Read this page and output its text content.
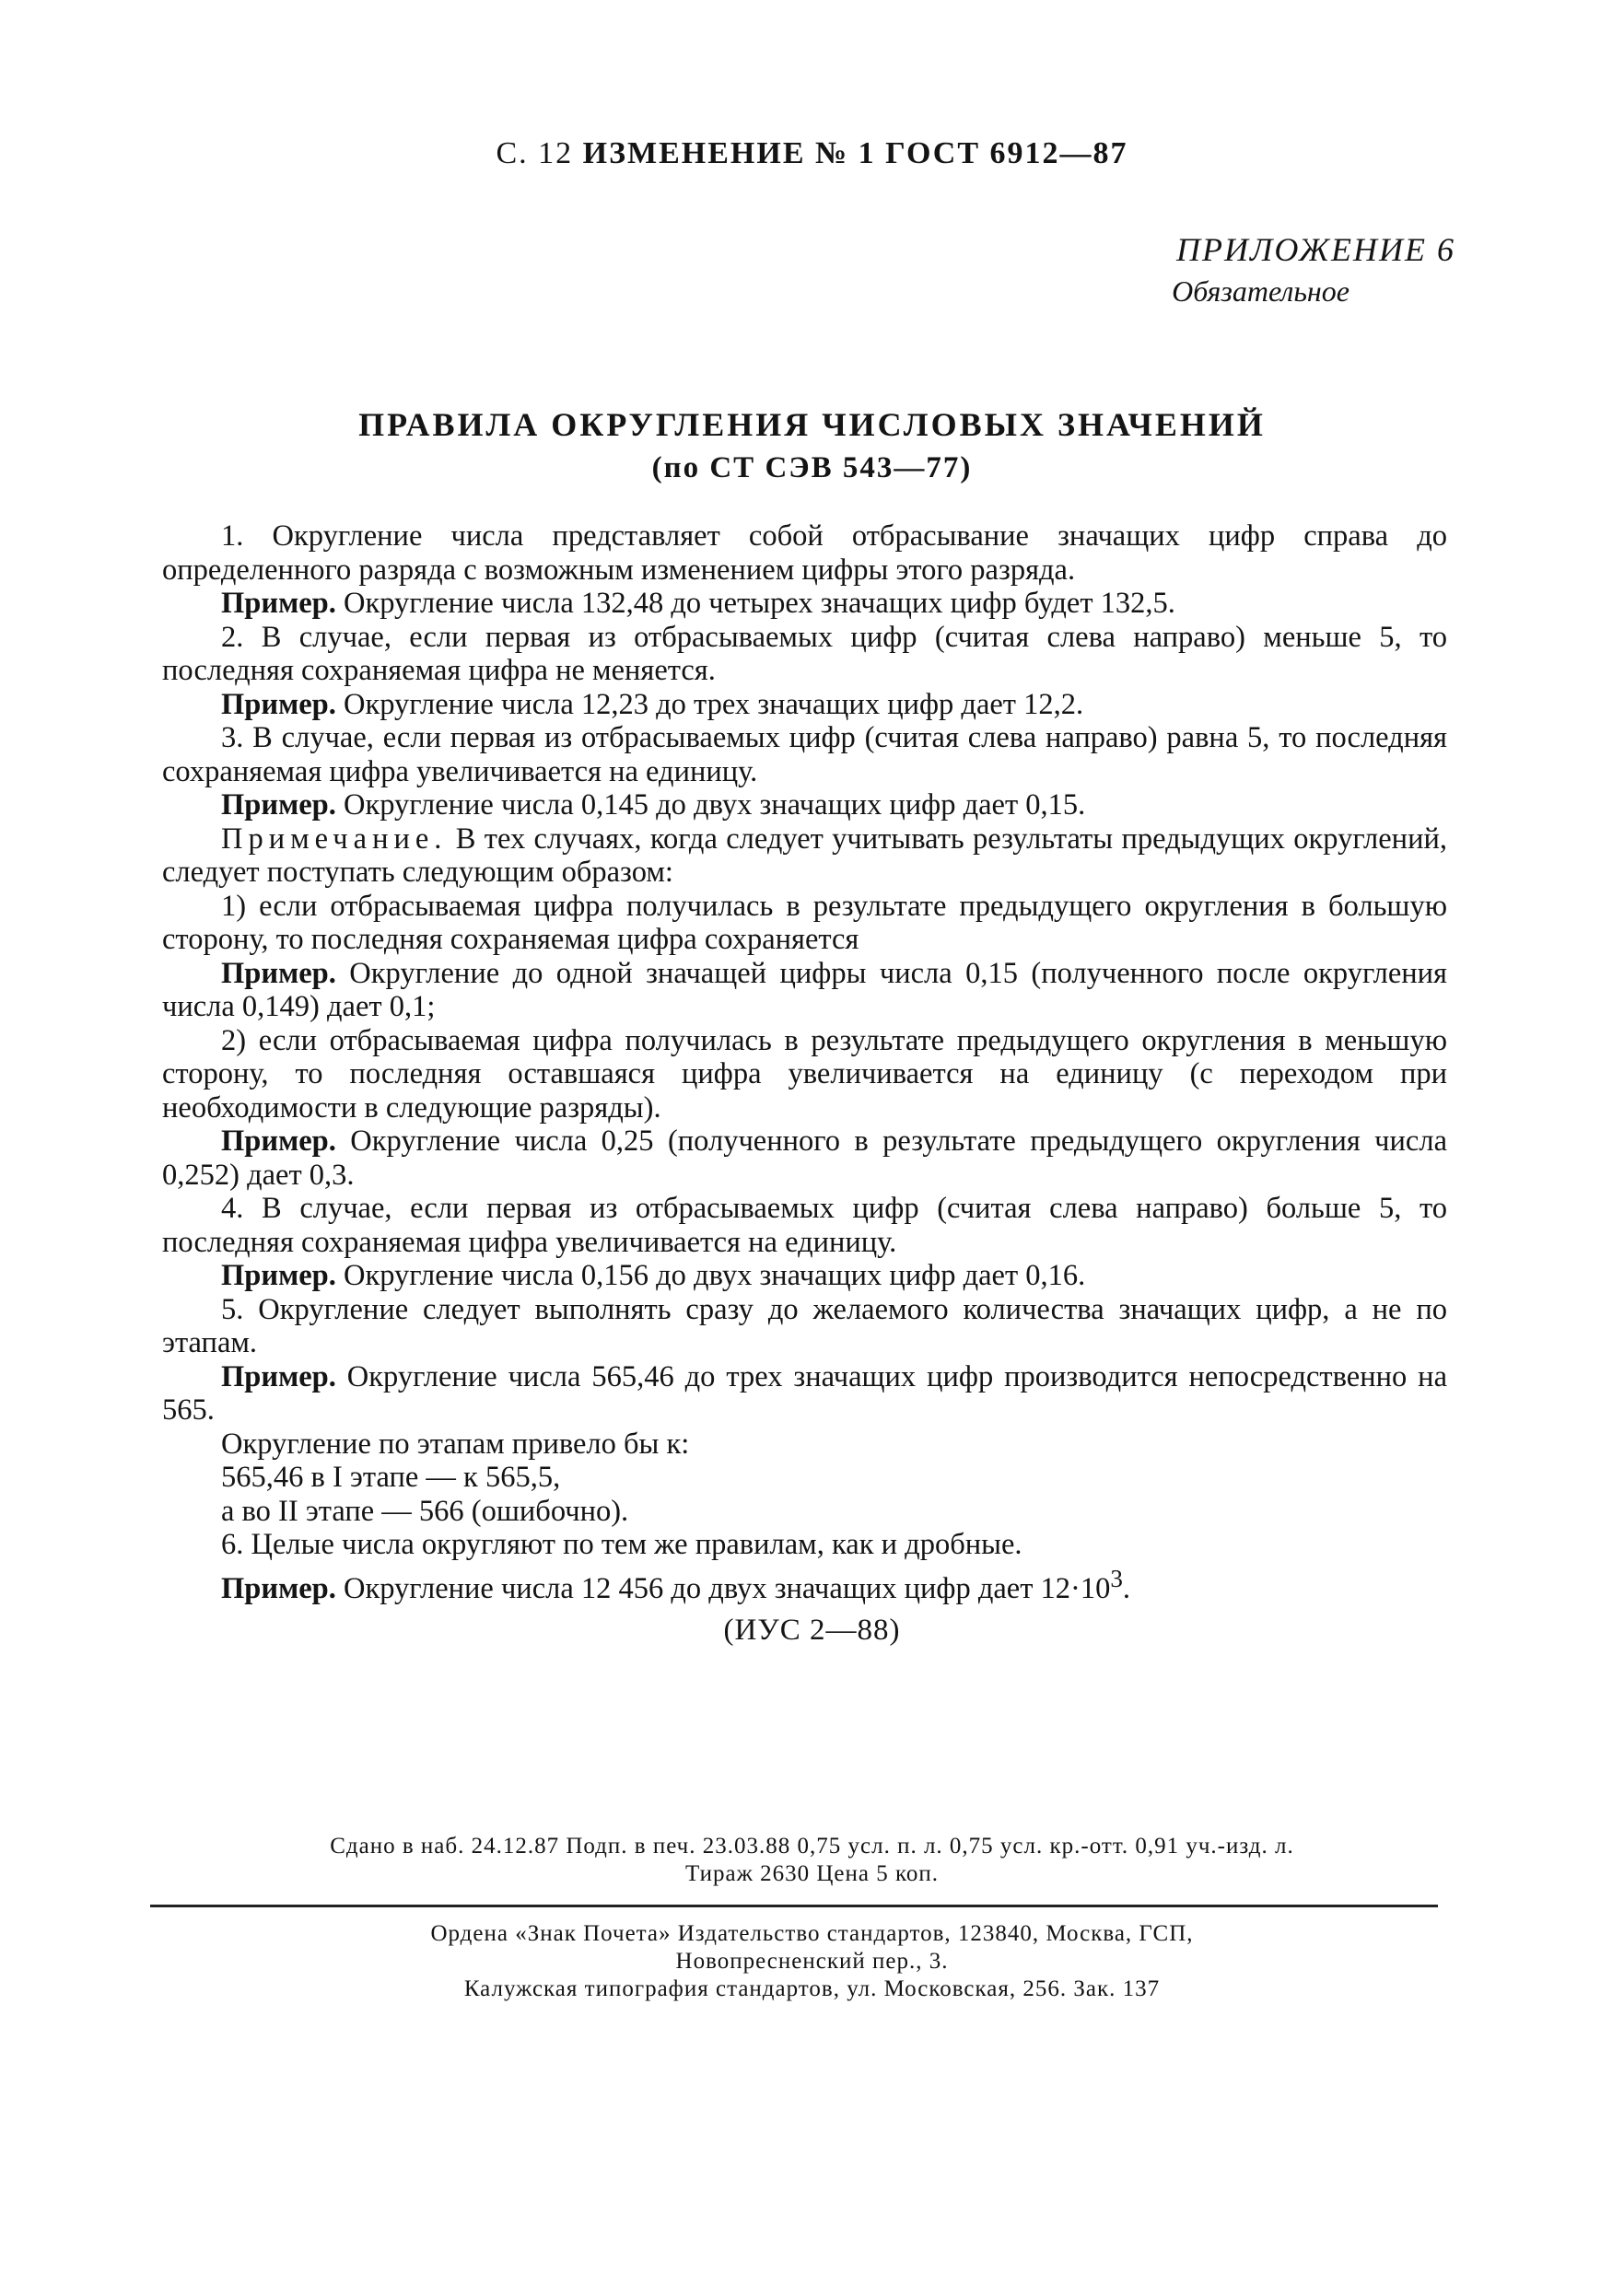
С. 12 ИЗМЕНЕНИЕ № 1 ГОСТ 6912—87
ПРИЛОЖЕНИЕ 6
Обязательное
ПРАВИЛА ОКРУГЛЕНИЯ ЧИСЛОВЫХ ЗНАЧЕНИЙ
(по СТ СЭВ 543—77)

1. Округление числа представляет собой отбрасывание значащих цифр справа до определенного разряда с возможным изменением цифры этого разряда.

Пример. Округление числа 132,48 до четырех значащих цифр будет 132,5.

2. В случае, если первая из отбрасываемых цифр (считая слева направо) меньше 5, то последняя сохраняемая цифра не меняется.

Пример. Округление числа 12,23 до трех значащих цифр дает 12,2.

3. В случае, если первая из отбрасываемых цифр (считая слева направо) равна 5, то последняя сохраняемая цифра увеличивается на единицу.

Пример. Округление числа 0,145 до двух значащих цифр дает 0,15.

Примечание. В тех случаях, когда следует учитывать результаты предыдущих округлений, следует поступать следующим образом:

1) если отбрасываемая цифра получилась в результате предыдущего округления в большую сторону, то последняя сохраняемая цифра сохраняется

Пример. Округление до одной значащей цифры числа 0,15 (полученного после округления числа 0,149) дает 0,1;

2) если отбрасываемая цифра получилась в результате предыдущего округления в меньшую сторону, то последняя оставшаяся цифра увеличивается на единицу (с переходом при необходимости в следующие разряды).

Пример. Округление числа 0,25 (полученного в результате предыдущего округления числа 0,252) дает 0,3.

4. В случае, если первая из отбрасываемых цифр (считая слева направо) больше 5, то последняя сохраняемая цифра увеличивается на единицу.

Пример. Округление числа 0,156 до двух значащих цифр дает 0,16.

5. Округление следует выполнять сразу до желаемого количества значащих цифр, а не по этапам.

Пример. Округление числа 565,46 до трех значащих цифр производится непосредственно на 565.

Округление по этапам привело бы к:

565,46 в I этапе — к 565,5,

а во II этапе — 566 (ошибочно).

6. Целые числа округляют по тем же правилам, как и дробные.

Пример. Округление числа 12 456 до двух значащих цифр дает $12\cdot 10^3$.

(ИУС 2—88)
Сдано в наб. 24.12.87 Подп. в печ. 23.03.88 0,75 усл. п. л. 0,75 усл. кр.-отт. 0,91 уч.-изд. л.
Тираж 2630 Цена 5 коп.
Ордена «Знак Почета» Издательство стандартов, 123840, Москва, ГСП,
Новопресненский пер., 3.
Калужская типография стандартов, ул. Московская, 256. Зак. 137
